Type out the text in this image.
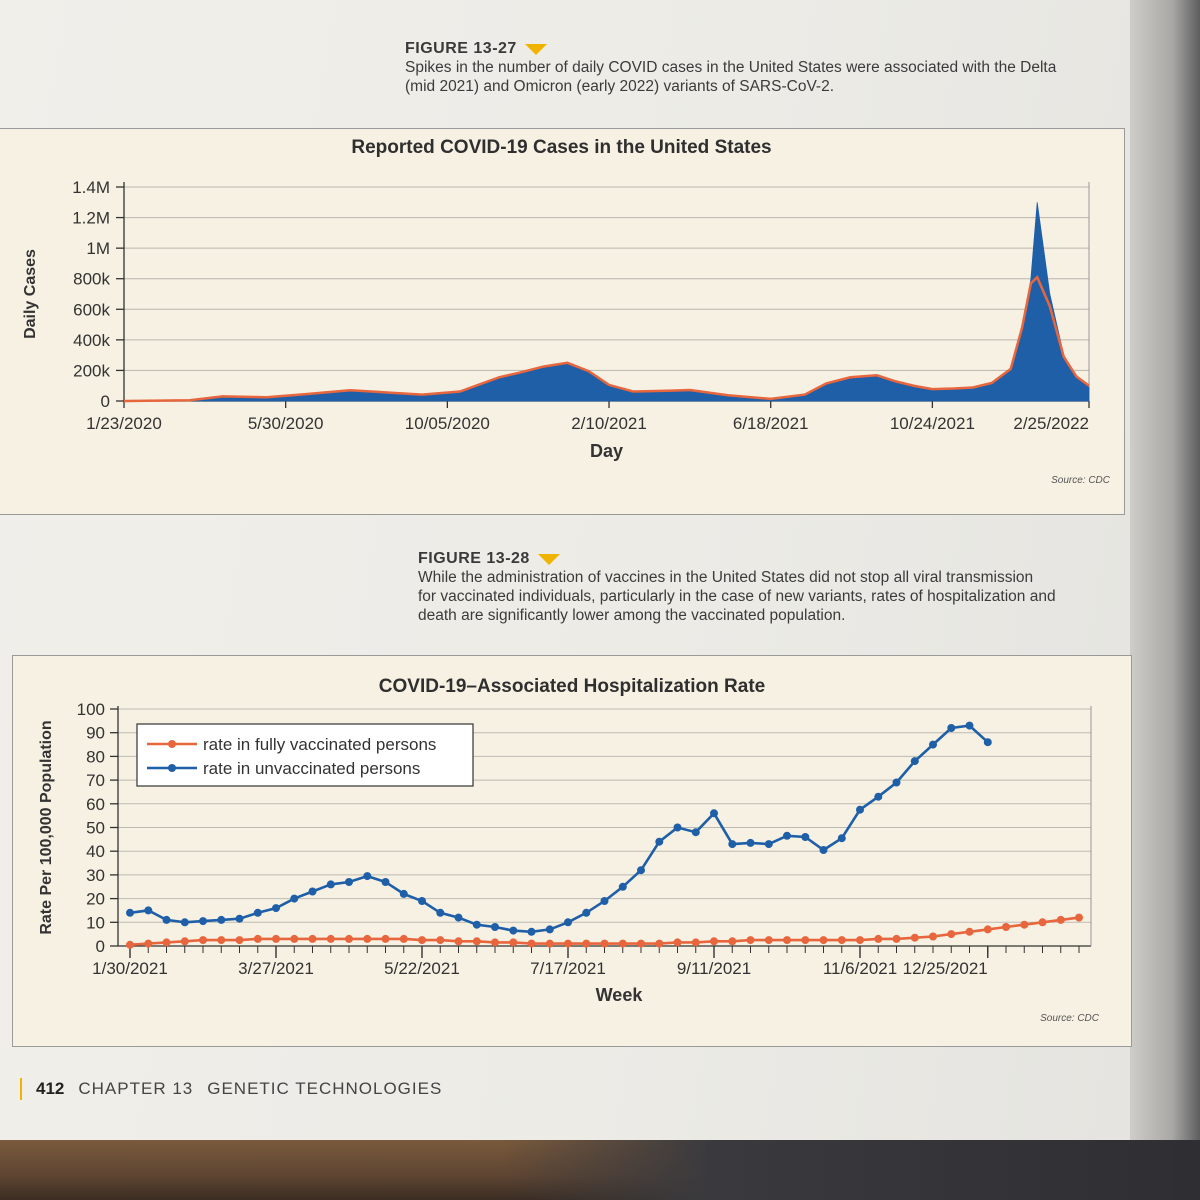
FIGURE 13-27
Spikes in the number of daily COVID cases in the United States were associated with the Delta
(mid 2021) and Omicron (early 2022) variants of SARS-CoV-2.
Reported COVID-19 Cases in the United States
0
200k
400k
600k
800k
1M
1.2M
1.4M
1/23/2020	5/30/2020	10/05/2020	2/10/2021	6/18/2021	10/24/2021 2/25/2022
Day
Daily Cases
Source: CDC
FIGURE 13-28
While the administration of vaccines in the United States did not stop all viral transmission
for vaccinated individuals, particularly in the case of new variants, rates of hospitalization and
death are significantly lower among the vaccinated population.
COVID-19–Associated Hospitalization Rate
0
10
20
30
40
50
60
70
80
90
100
1/30/2021	3/27/2021	5/22/2021	7/17/2021	9/11/2021	11/6/2021 12/25/2021
rate in fully vaccinated persons
rate in unvaccinated persons
Week
Rate Per 100,000 Population
Source: CDC
412 CHAPTER 13 GENETIC TECHNOLOGIES
